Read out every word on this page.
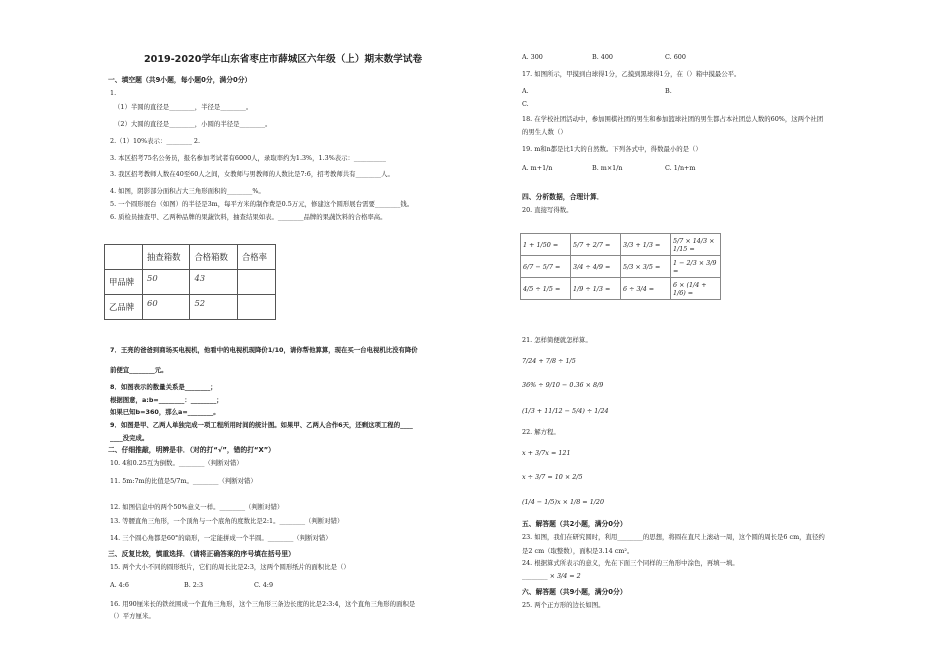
2019-2020学年山东省枣庄市薛城区六年级（上）期末数学试卷
一、填空题（共9小题，每小题0分，满分0分）
1.
（1）半圆的直径是________，半径是________。
（2）大圆的直径是________，小圆的半径是________。
2.（1）10%表示：________ 2.
3. 本区招考75名公务员，报名参加考试者有6000人，录取率约为1.3%，1.3%表示：__________
3. 我区招考教师人数在40至60人之间，女教师与男教师的人数比是7:6，招考教师共有________人。
4. 如图，阴影部分面积占大三角形面积的________%。
5. 一个圆形展台（如图）的半径是3m，每平方米的制作费是0.5万元，修建这个圆形展台需要________钱。
6. 质检员抽查甲、乙两种品牌的果蔬饮料，抽查结果如表。________品牌的果蔬饮料的合格率高。
	抽查箱数	合格箱数	合格率
甲品牌	50	43	
乙品牌	60	52	
7．王亮的爸爸到商场买电视机，他看中的电视机现降价1/10，请你帮他算算，现在买一台电视机比没有降价
前便宜________元。
8．如图表示的数量关系是________；
根据图意，a:b=________：________；
如果已知b=360，那么a=________。
9．如图是甲、乙两人单独完成一项工程所用时间的统计图。如果甲、乙两人合作6天，还剩这项工程的____
____没完成。
二、仔细推敲，明辨是非．（对的打“√”，错的打“X”）
10. 4和0.25互为倒数。________（判断对错）
11. 5m:7m的比值是5/7m。________（判断对错）
12. 如图信息中的两个50%意义一样。________（判断对错）
13. 等腰直角三角形，一个顶角与一个底角的度数比是2:1。________（判断对错）
14. 三个圆心角都是60°的扇形，一定能拼成一个半圆。________（判断对错）
三、反复比较，慎重选择．（请将正确答案的序号填在括号里）
15. 两个大小不同的圆形纸片，它们的周长比是2:3，这两个圆形纸片的面积比是（）
A. 4:6	B. 2:3	C. 4:9
16. 用90厘米长的铁丝围成一个直角三角形，这个三角形三条边长度的比是2:3:4，这个直角三角形的面积是
（）平方厘米。
A. 300	B. 400	C. 600
17. 如图所示，甲摸到白球得1分，乙摸到黑球得1分，在（）箱中摸最公平。
A.	B.
C.
18. 在学校社团活动中，参加围棋社团的男生和参加篮球社团的男生都占本社团总人数的60%，这两个社团
的男生人数（）
19. m和n都是比1大的自然数。下列各式中，得数最小的是（）
A. m+1/n	B. m×1/n	C. 1/n+m
四、分析数据，合理计算．
20. 直接写得数。
1 + 1/50 =	5/7 + 2/7 =	3/3 + 1/3 =	5/7 × 14/3 × 1/15 =
6/7 − 5/7 =	3/4 ÷ 4/9 =	5/3 × 3/5 =	1 − 2/3 × 3/9 =
4/5 ÷ 1/5 =	1/9 ÷ 1/3 =	6 ÷ 3/4 =	6 × (1/4 + 1/6) =
21. 怎样简便就怎样算。
7/24 + 7/8 ÷ 1/5
36% ÷ 9/10 − 0.36 × 8/9
(1/3 + 11/12 − 5/4) ÷ 1/24
22. 解方程。
x + 3/7x = 121
x ÷ 3/7 = 10 × 2/5
(1/4 − 1/5)x × 1/8 = 1/20
五、解答题（共2小题，满分0分）
23. 如图，我们在研究圆时，利用________的思想，将圆在直尺上滚动一周，这个圆的周长是6 cm，直径约
是2 cm（取整数），面积是3.14 cm²。
24. 根据算式所表示的意义，先在下面三个同样的三角形中涂色，再填一填。
________ × 3/4 = 2
六、解答题（共9小题，满分0分）
25. 两个正方形的边长如图。
